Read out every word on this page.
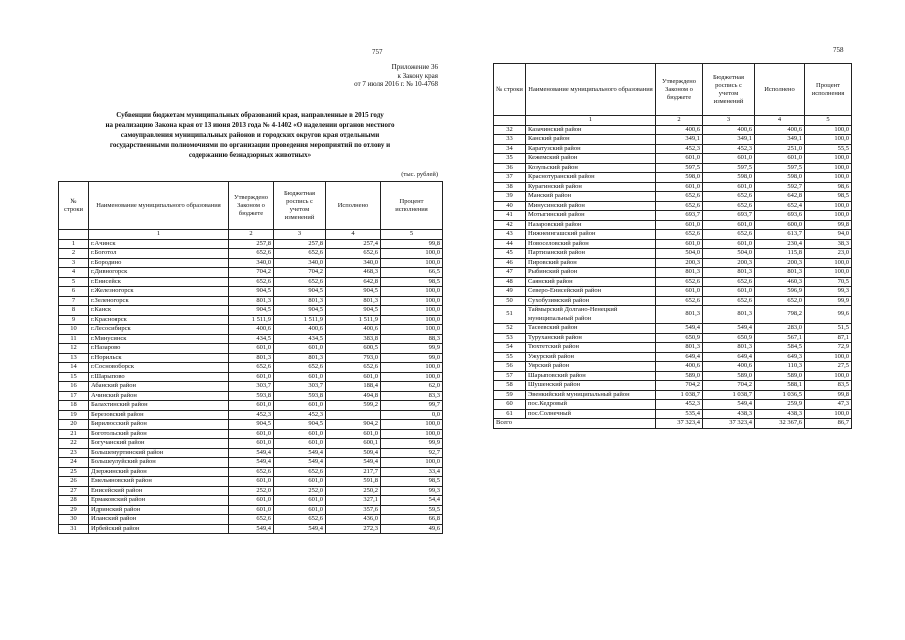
757
Приложение 36
к Закону края
от 7 июля 2016 г. № 10-4768
Субвенции бюджетам муниципальных образований края, направленные в 2015 году
на реализацию Закона края от 13 июня 2013 года № 4-1402 «О наделении органов местного
самоуправления муниципальных районов и городских округов края отдельными
государственными полномочиями по организации проведения мероприятий по отлову и
содержанию безнадзорных животных»
(тыс. рублей)
№ строки	Наименование муниципального образования	Утверждено Законом о бюджете	Бюджетная роспись с учетом изменений	Исполнено	Процент исполнения
	1	2	3	4	5
1	г.Ачинск	257,8	257,8	257,4	99,8
2	г.Боготол	652,6	652,6	652,6	100,0
3	г.Бородино	340,0	340,0	340,0	100,0
4	г.Дивногорск	704,2	704,2	468,3	66,5
5	г.Енисейск	652,6	652,6	642,8	98,5
6	г.Железногорск	904,5	904,5	904,5	100,0
7	г.Зеленогорск	801,3	801,3	801,3	100,0
8	г.Канск	904,5	904,5	904,5	100,0
9	г.Красноярск	1 511,9	1 511,9	1 511,9	100,0
10	г.Лесосибирск	400,6	400,6	400,6	100,0
11	г.Минусинск	434,5	434,5	383,8	88,3
12	г.Назарово	601,0	601,0	600,5	99,9
13	г.Норильск	801,3	801,3	793,0	99,0
14	г.Сосновоборск	652,6	652,6	652,6	100,0
15	г.Шарыпово	601,0	601,0	601,0	100,0
16	Абанский район	303,7	303,7	188,4	62,0
17	Ачинский район	593,8	593,8	494,8	83,3
18	Балахтинский район	601,0	601,0	599,2	99,7
19	Березовский район	452,3	452,3		0,0
20	Бирилюсский район	904,5	904,5	904,2	100,0
21	Боготольский район	601,0	601,0	601,0	100,0
22	Богучанский район	601,0	601,0	600,1	99,9
23	Большемуртинский район	549,4	549,4	509,4	92,7
24	Большеулуйский район	549,4	549,4	549,4	100,0
25	Дзержинский район	652,6	652,6	217,7	33,4
26	Емельяновский район	601,0	601,0	591,8	98,5
27	Енисейский район	252,0	252,0	250,2	99,3
28	Ермаковский район	601,0	601,0	327,1	54,4
29	Идринский район	601,0	601,0	357,6	59,5
30	Иланский район	652,6	652,6	436,0	66,8
31	Ирбейский район	549,4	549,4	272,3	49,6
758
№ строки	Наименование муниципального образования	Утверждено Законом о бюджете	Бюджетная роспись с учетом изменений	Исполнено	Процент исполнения
	1	2	3	4	5
32	Казачинский район	400,6	400,6	400,6	100,0
33	Канский район	349,1	349,1	349,1	100,0
34	Каратузский район	452,3	452,3	251,0	55,5
35	Кежемский район	601,0	601,0	601,0	100,0
36	Козульский район	597,5	597,5	597,5	100,0
37	Краснотуранский район	598,0	598,0	598,0	100,0
38	Курагинский район	601,0	601,0	592,7	98,6
39	Манский район	652,6	652,6	642,8	98,5
40	Минусинский район	652,6	652,6	652,4	100,0
41	Мотыгинский район	693,7	693,7	693,6	100,0
42	Назаровский район	601,0	601,0	600,0	99,8
43	Нижнеингашский район	652,6	652,6	613,7	94,0
44	Новоселовский район	601,0	601,0	230,4	38,3
45	Партизанский район	504,0	504,0	115,8	23,0
46	Пировский район	200,3	200,3	200,3	100,0
47	Рыбинский район	801,3	801,3	801,3	100,0
48	Саянский район	652,6	652,6	460,3	70,5
49	Северо-Енисейский район	601,0	601,0	596,9	99,3
50	Сухобузимский район	652,6	652,6	652,0	99,9
51	Таймырский Долгано-Ненецкий муниципальный район	801,3	801,3	798,2	99,6
52	Тасеевский район	549,4	549,4	283,0	51,5
53	Туруханский район	650,9	650,9	567,1	87,1
54	Тюхтетский район	801,3	801,3	584,5	72,9
55	Ужурский район	649,4	649,4	649,3	100,0
56	Уярский район	400,6	400,6	110,3	27,5
57	Шарыповский район	589,0	589,0	589,0	100,0
58	Шушенский район	704,2	704,2	588,1	83,5
59	Эвенкийский муниципальный район	1 038,7	1 038,7	1 036,5	99,8
60	пос.Кедровый	452,3	549,4	259,9	47,3
61	пос.Солнечный	535,4	438,3	438,3	100,0
Всего		37 323,4	37 323,4	32 367,6	86,7
